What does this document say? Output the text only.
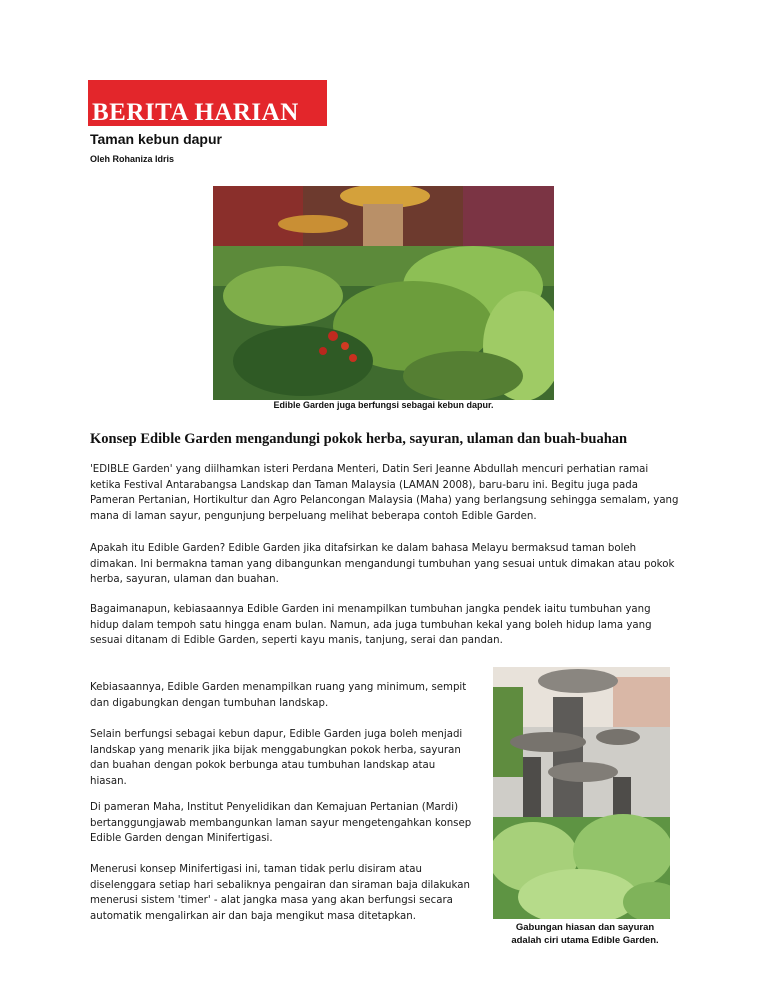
BERITA HARIAN
Taman kebun dapur
Oleh Rohaniza Idris
Edible Garden juga berfungsi sebagai kebun dapur.
Konsep Edible Garden mengandungi pokok herba, sayuran, ulaman dan buah-buahan

'EDIBLE Garden' yang diilhamkan isteri Perdana Menteri, Datin Seri Jeanne Abdullah mencuri perhatian ramai ketika Festival Antarabangsa Landskap dan Taman Malaysia (LAMAN 2008), baru-baru ini. Begitu juga pada Pameran Pertanian, Hortikultur dan Agro Pelancongan Malaysia (Maha) yang berlangsung sehingga semalam, yang mana di laman sayur, pengunjung berpeluang melihat beberapa contoh Edible Garden.

Apakah itu Edible Garden? Edible Garden jika ditafsirkan ke dalam bahasa Melayu bermaksud taman boleh dimakan. Ini bermakna taman yang dibangunkan mengandungi tumbuhan yang sesuai untuk dimakan atau pokok herba, sayuran, ulaman dan buahan.

Bagaimanapun, kebiasaannya Edible Garden ini menampilkan tumbuhan jangka pendek iaitu tumbuhan yang hidup dalam tempoh satu hingga enam bulan. Namun, ada juga tumbuhan kekal yang boleh hidup lama yang sesuai ditanam di Edible Garden, seperti kayu manis, tanjung, serai dan pandan.

Kebiasaannya, Edible Garden menampilkan ruang yang minimum, sempit dan digabungkan dengan tumbuhan landskap.

Selain berfungsi sebagai kebun dapur, Edible Garden juga boleh menjadi landskap yang menarik jika bijak menggabungkan pokok herba, sayuran dan buahan dengan pokok berbunga atau tumbuhan landskap atau hiasan.

Di pameran Maha, Institut Penyelidikan dan Kemajuan Pertanian (Mardi) bertanggungjawab membangunkan laman sayur mengetengahkan konsep Edible Garden dengan Minifertigasi.

Menerusi konsep Minifertigasi ini, taman tidak perlu disiram atau diselenggara setiap hari sebaliknya pengairan dan siraman baja dilakukan menerusi sistem 'timer' - alat jangka masa yang akan berfungsi secara automatik mengalirkan air dan baja mengikut masa ditetapkan.

Gabungan hiasan dan sayuran
adalah ciri utama Edible Garden.
